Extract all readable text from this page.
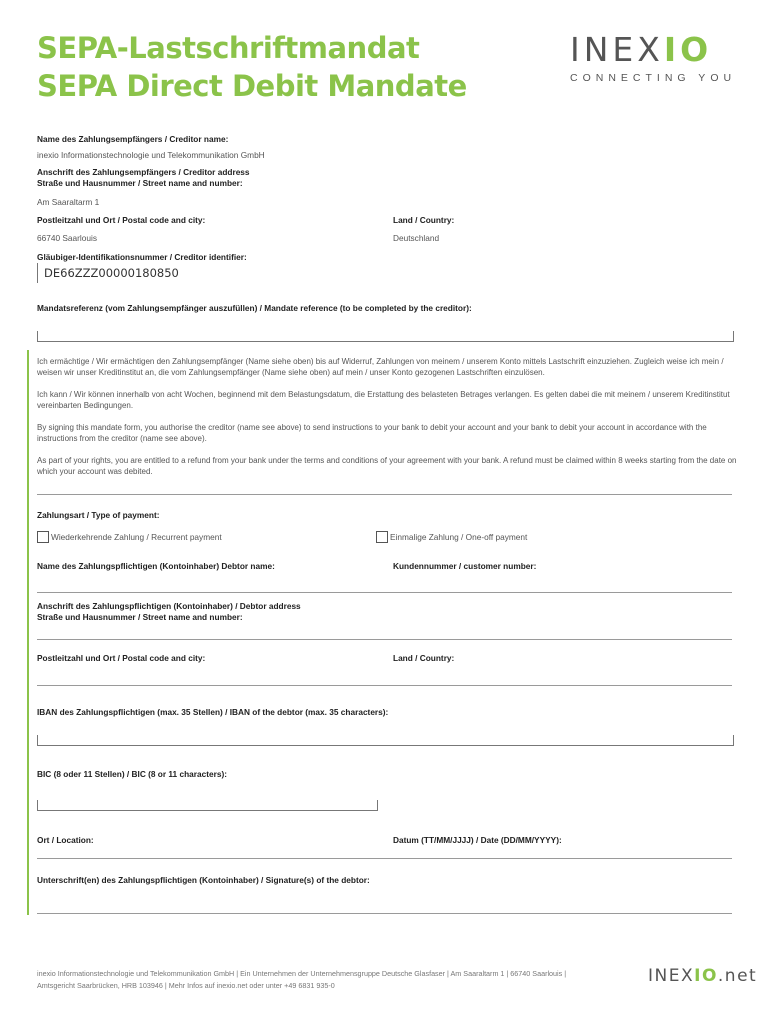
SEPA-Lastschriftmandat
SEPA Direct Debit Mandate
INEXIO
CONNECTING YOU
Name des Zahlungsempfängers / Creditor name:
inexio Informationstechnologie und Telekommunikation GmbH
Anschrift des Zahlungsempfängers / Creditor address
Straße und Hausnummer / Street name and number:
Am Saaraltarm 1
Postleitzahl und Ort / Postal code and city:	Land / Country:
66740 Saarlouis	Deutschland
Gläubiger-Identifikationsnummer / Creditor identifier:
DE66ZZZ00000180850
Mandatsreferenz (vom Zahlungsempfänger auszufüllen) / Mandate reference (to be completed by the creditor):

Ich ermächtige / Wir ermächtigen den Zahlungsempfänger (Name siehe oben) bis auf Widerruf, Zahlungen von meinem / unserem Konto mittels Lastschrift einzuziehen. Zugleich weise ich mein / weisen wir unser Kreditinstitut an, die vom Zahlungsempfänger (Name siehe oben) auf mein / unser Konto gezogenen Lastschriften einzulösen.

Ich kann / Wir können innerhalb von acht Wochen, beginnend mit dem Belastungsdatum, die Erstattung des belasteten Betrages verlangen. Es gelten dabei die mit meinem / unserem Kreditinstitut vereinbarten Bedingungen.

By signing this mandate form, you authorise the creditor (name see above) to send instructions to your bank to debit your account and your bank to debit your account in accordance with the instructions from the creditor (name see above).

As part of your rights, you are entitled to a refund from your bank under the terms and conditions of your agreement with your bank. A refund must be claimed within 8 weeks starting from the date on which your account was debited.

Zahlungsart / Type of payment:
Wiederkehrende Zahlung / Recurrent payment	Einmalige Zahlung / One-off payment
Name des Zahlungspflichtigen (Kontoinhaber) Debtor name:	Kundennummer / customer number:
Anschrift des Zahlungspflichtigen (Kontoinhaber) / Debtor address
Straße und Hausnummer / Street name and number:
Postleitzahl und Ort / Postal code and city:	Land / Country:
IBAN des Zahlungspflichtigen (max. 35 Stellen) / IBAN of the debtor (max. 35 characters):
BIC (8 oder 11 Stellen) / BIC (8 or 11 characters):
Ort / Location:	Datum (TT/MM/JJJJ) / Date (DD/MM/YYYY):
Unterschrift(en) des Zahlungspflichtigen (Kontoinhaber) / Signature(s) of the debtor:
inexio Informationstechnologie und Telekommunikation GmbH | Ein Unternehmen der Unternehmensgruppe Deutsche Glasfaser | Am Saaraltarm 1 | 66740 Saarlouis |
Amtsgericht Saarbrücken, HRB 103946 | Mehr Infos auf inexio.net oder unter +49 6831 935-0	INEXIO.net
